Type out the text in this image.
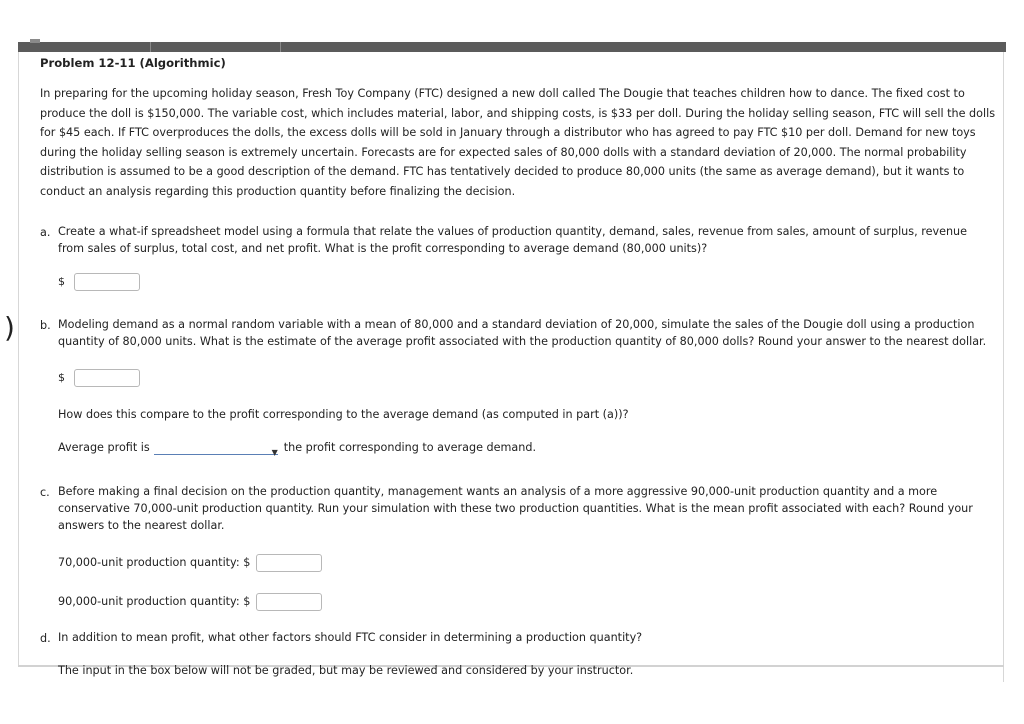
)

Problem 12-11 (Algorithmic)

In preparing for the upcoming holiday season, Fresh Toy Company (FTC) designed a new doll called The Dougie that teaches children how to dance. The fixed cost to produce the doll is $150,000. The variable cost, which includes material, labor, and shipping costs, is $33 per doll. During the holiday selling season, FTC will sell the dolls for $45 each. If FTC overproduces the dolls, the excess dolls will be sold in January through a distributor who has agreed to pay FTC $10 per doll. Demand for new toys during the holiday selling season is extremely uncertain. Forecasts are for expected sales of 80,000 dolls with a standard deviation of 20,000. The normal probability distribution is assumed to be a good description of the demand. FTC has tentatively decided to produce 80,000 units (the same as average demand), but it wants to conduct an analysis regarding this production quantity before finalizing the decision.

a. Create a what-if spreadsheet model using a formula that relate the values of production quantity, demand, sales, revenue from sales, amount of surplus, revenue from sales of surplus, total cost, and net profit. What is the profit corresponding to average demand (80,000 units)?

$
b. Modeling demand as a normal random variable with a mean of 80,000 and a standard deviation of 20,000, simulate the sales of the Dougie doll using a production quantity of 80,000 units. What is the estimate of the average profit associated with the production quantity of 80,000 dolls? Round your answer to the nearest dollar.

$

How does this compare to the profit corresponding to the average demand (as computed in part (a))?

Average profit is	▼ the profit corresponding to average demand.
c. Before making a final decision on the production quantity, management wants an analysis of a more aggressive 90,000-unit production quantity and a more conservative 70,000-unit production quantity. Run your simulation with these two production quantities. What is the mean profit associated with each? Round your answers to the nearest dollar.

70,000-unit production quantity: $
90,000-unit production quantity: $
d. In addition to mean profit, what other factors should FTC consider in determining a production quantity?

The input in the box below will not be graded, but may be reviewed and considered by your instructor.
